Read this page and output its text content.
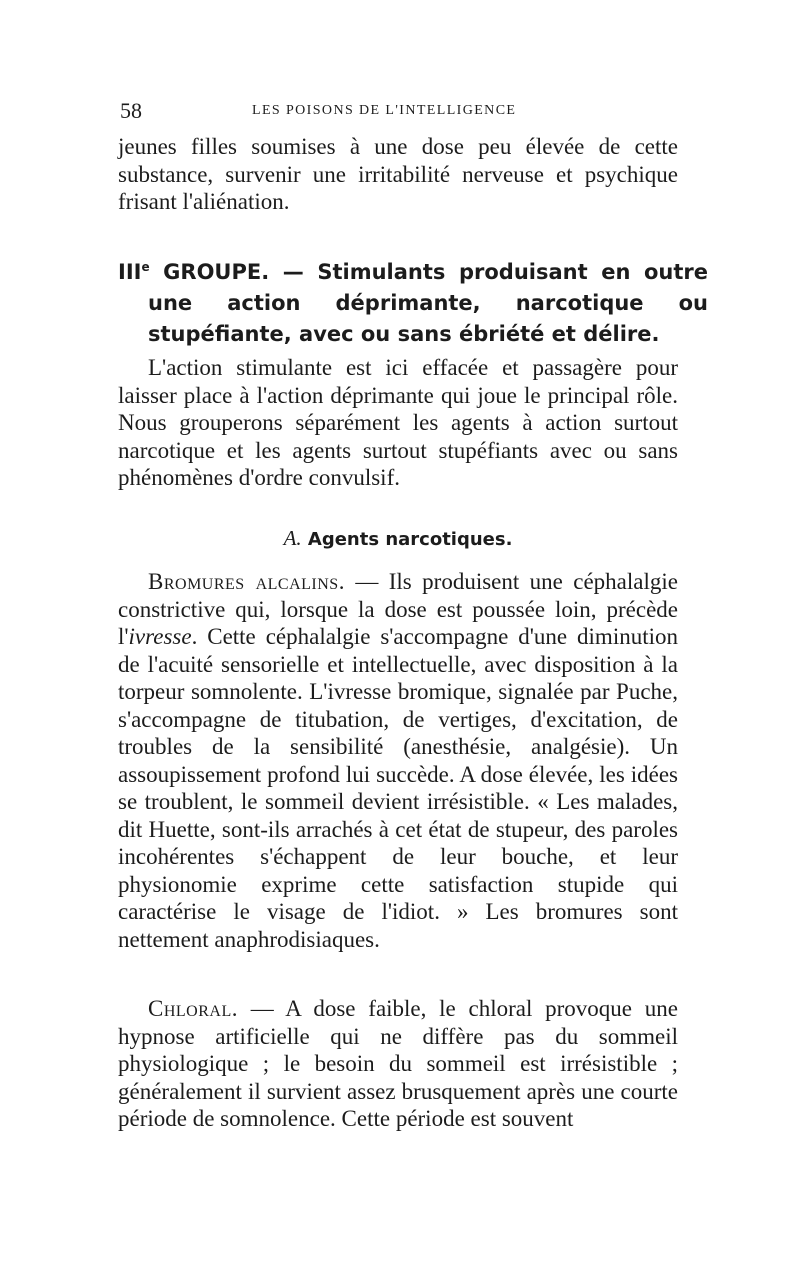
58	LES POISONS DE L'INTELLIGENCE

jeunes filles soumises à une dose peu élevée de cette substance, survenir une irritabilité nerveuse et psychique frisant l'aliénation.

IIIe GROUPE. — Stimulants produisant en outre une action déprimante, narcotique ou stupéfiante, avec ou sans ébriété et délire.

L'action stimulante est ici effacée et passagère pour laisser place à l'action déprimante qui joue le principal rôle. Nous grouperons séparément les agents à action surtout narcotique et les agents surtout stupéfiants avec ou sans phénomènes d'ordre convulsif.

A. Agents narcotiques.

Bromures alcalins. — Ils produisent une céphalalgie constrictive qui, lorsque la dose est poussée loin, précède l'ivresse. Cette céphalalgie s'accompagne d'une diminution de l'acuité sensorielle et intellectuelle, avec disposition à la torpeur somnolente. L'ivresse bromique, signalée par Puche, s'accompagne de titubation, de vertiges, d'excitation, de troubles de la sensibilité (anesthésie, analgésie). Un assoupissement profond lui succède. A dose élevée, les idées se troublent, le sommeil devient irrésistible. « Les malades, dit Huette, sont-ils arrachés à cet état de stupeur, des paroles incohérentes s'échappent de leur bouche, et leur physionomie exprime cette satisfaction stupide qui caractérise le visage de l'idiot. » Les bromures sont nettement anaphrodisiaques.

Chloral. — A dose faible, le chloral provoque une hypnose artificielle qui ne diffère pas du sommeil physiologique ; le besoin du sommeil est irrésistible ; généralement il survient assez brusquement après une courte période de somnolence. Cette période est souvent
